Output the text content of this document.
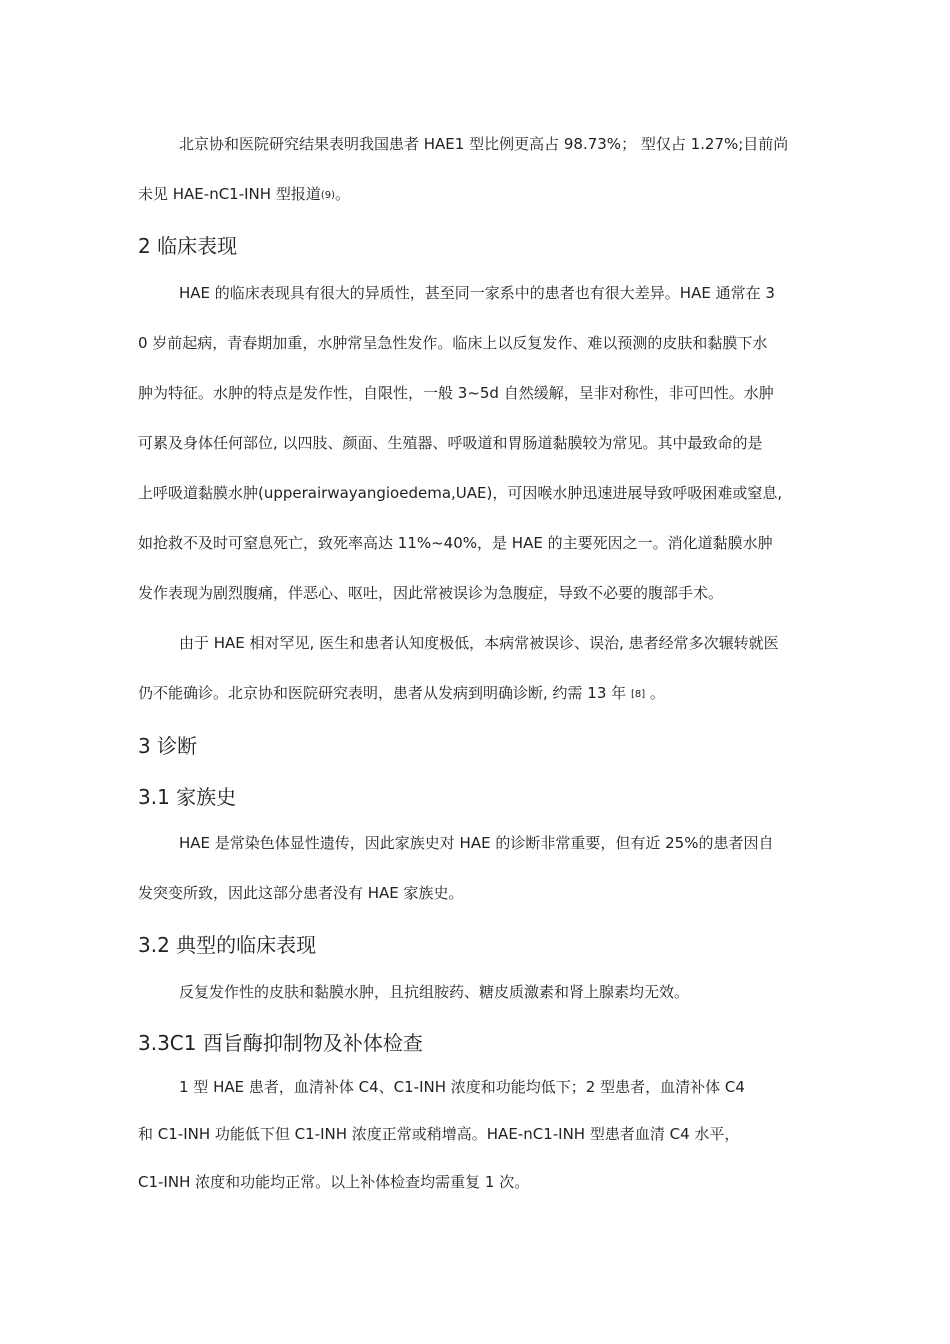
北京协和医院研究结果表明我国患者 HAE1 型比例更高占 98.73%； 型仅占 1.27%;目前尚
未见 HAE-nC1-INH 型报道(9)。
2 临床表现
HAE 的临床表现具有很大的异质性，甚至同一家系中的患者也有很大差异。HAE 通常在 3
0 岁前起病，青春期加重，水肿常呈急性发作。临床上以反复发作、难以预测的皮肤和黏膜下水
肿为特征。水肿的特点是发作性，自限性，一般 3~5d 自然缓解，呈非对称性，非可凹性。水肿
可累及身体任何部位, 以四肢、颜面、生殖器、呼吸道和胃肠道黏膜较为常见。其中最致命的是
上呼吸道黏膜水肿(upperairwayangioedema,UAE)，可因喉水肿迅速进展导致呼吸困难或窒息,
如抢救不及时可窒息死亡，致死率高达 11%~40%，是 HAE 的主要死因之一。消化道黏膜水肿
发作表现为剧烈腹痛，伴恶心、呕吐，因此常被误诊为急腹症，导致不必要的腹部手术。
由于 HAE 相对罕见, 医生和患者认知度极低，本病常被误诊、误治, 患者经常多次辗转就医
仍不能确诊。北京协和医院研究表明，患者从发病到明确诊断, 约需 13 年 [8] 。
3 诊断
3.1 家族史
HAE 是常染色体显性遗传，因此家族史对 HAE 的诊断非常重要，但有近 25%的患者因自
发突变所致，因此这部分患者没有 HAE 家族史。
3.2 典型的临床表现
反复发作性的皮肤和黏膜水肿，且抗组胺药、糖皮质激素和肾上腺素均无效。
3.3C1 酉旨酶抑制物及补体检查
1 型 HAE 患者，血清补体 C4、C1-INH 浓度和功能均低下；2 型患者，血清补体 C4
和 C1-INH 功能低下但 C1-INH 浓度正常或稍增高。HAE-nC1-INH 型患者血清 C4 水平，
C1-INH 浓度和功能均正常。以上补体检查均需重复 1 次。
